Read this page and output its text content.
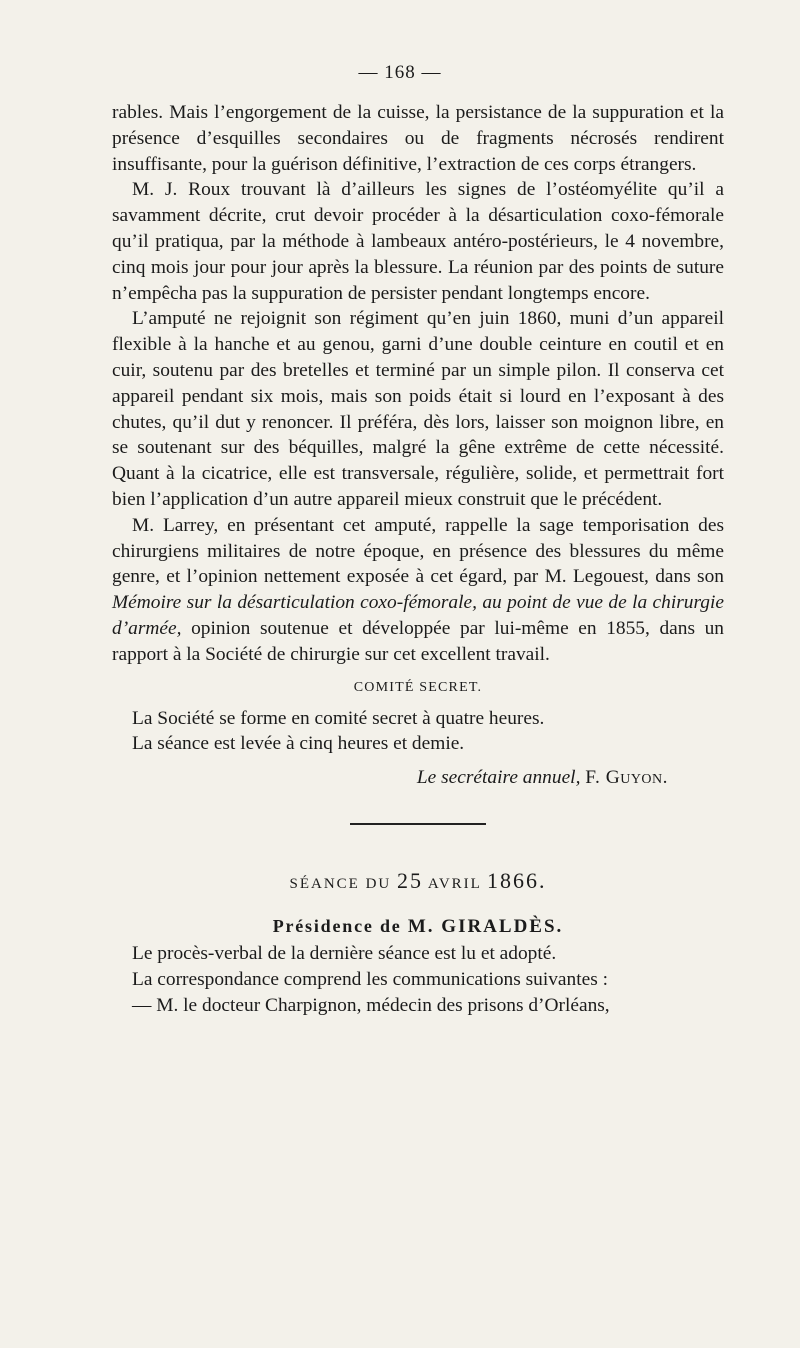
— 168 —

rables. Mais l’engorgement de la cuisse, la persistance de la suppuration et la présence d’esquilles secondaires ou de fragments nécrosés rendirent insuffisante, pour la guérison définitive, l’extraction de ces corps étrangers.

M. J. Roux trouvant là d’ailleurs les signes de l’ostéomyélite qu’il a savamment décrite, crut devoir procéder à la désarticulation coxo-fémorale qu’il pratiqua, par la méthode à lambeaux antéro-postérieurs, le 4 novembre, cinq mois jour pour jour après la blessure. La réunion par des points de suture n’empêcha pas la suppuration de persister pendant longtemps encore.

L’amputé ne rejoignit son régiment qu’en juin 1860, muni d’un appareil flexible à la hanche et au genou, garni d’une double ceinture en coutil et en cuir, soutenu par des bretelles et terminé par un simple pilon. Il conserva cet appareil pendant six mois, mais son poids était si lourd en l’exposant à des chutes, qu’il dut y renoncer. Il préféra, dès lors, laisser son moignon libre, en se soutenant sur des béquilles, malgré la gêne extrême de cette nécessité. Quant à la cicatrice, elle est transversale, régulière, solide, et permettrait fort bien l’application d’un autre appareil mieux construit que le précédent.

M. Larrey, en présentant cet amputé, rappelle la sage temporisation des chirurgiens militaires de notre époque, en présence des blessures du même genre, et l’opinion nettement exposée à cet égard, par M. Legouest, dans son Mémoire sur la désarticulation coxo-fémorale, au point de vue de la chirurgie d’armée, opinion soutenue et développée par lui-même en 1855, dans un rapport à la Société de chirurgie sur cet excellent travail.

COMITÉ SECRET.

La Société se forme en comité secret à quatre heures.

La séance est levée à cinq heures et demie.

Le secrétaire annuel, F. Guyon.
SÉANCE DU 25 AVRIL 1866.
Présidence de M. GIRALDÈS.

Le procès-verbal de la dernière séance est lu et adopté.

La correspondance comprend les communications suivantes :

— M. le docteur Charpignon, médecin des prisons d’Orléans,
